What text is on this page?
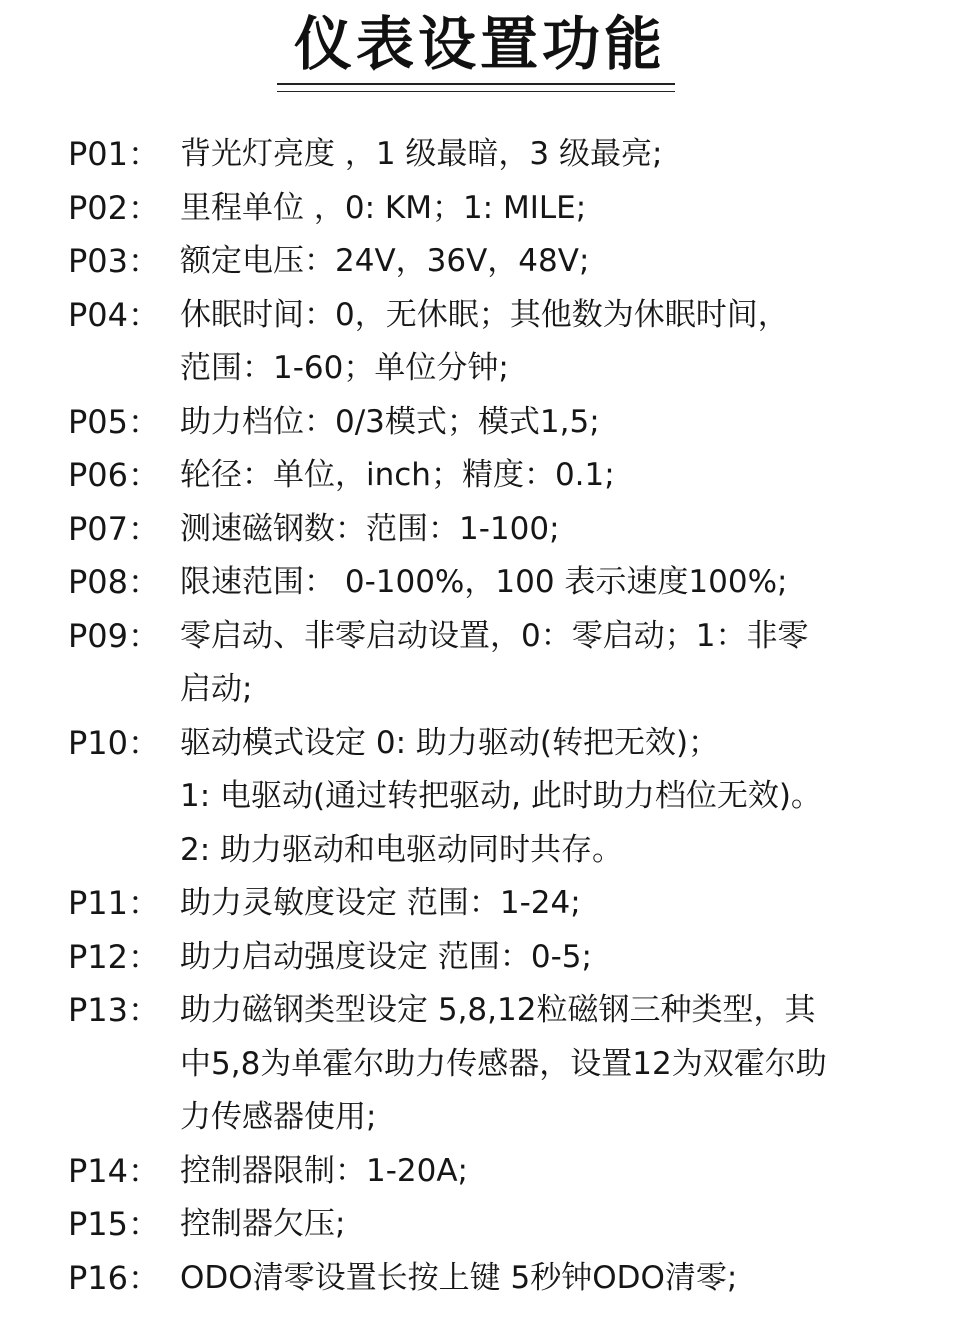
仪表设置功能
P01： 背光灯亮度 ，1 级最暗，3 级最亮;
P02： 里程单位 ，0: KM；1: MILE;
P03： 额定电压：24V，36V，48V;
P04： 休眠时间：0，无休眠；其他数为休眠时间，
范围：1-60；单位分钟;
P05： 助力档位：0/3模式；模式1,5;
P06： 轮径：单位，inch；精度：0.1;
P07： 测速磁钢数：范围：1-100;
P08： 限速范围： 0-100%，100 表示速度100%;
P09： 零启动、非零启动设置，0：零启动；1：非零
启动;
P10： 驱动模式设定 0: 助力驱动(转把无效)；
1: 电驱动(通过转把驱动, 此时助力档位无效)。
2: 助力驱动和电驱动同时共存。
P11： 助力灵敏度设定 范围：1-24;
P12： 助力启动强度设定 范围：0-5;
P13： 助力磁钢类型设定 5,8,12粒磁钢三种类型，其
中5,8为单霍尔助力传感器，设置12为双霍尔助
力传感器使用;
P14： 控制器限制：1-20A;
P15： 控制器欠压;
P16： ODO清零设置长按上键 5秒钟ODO清零;
